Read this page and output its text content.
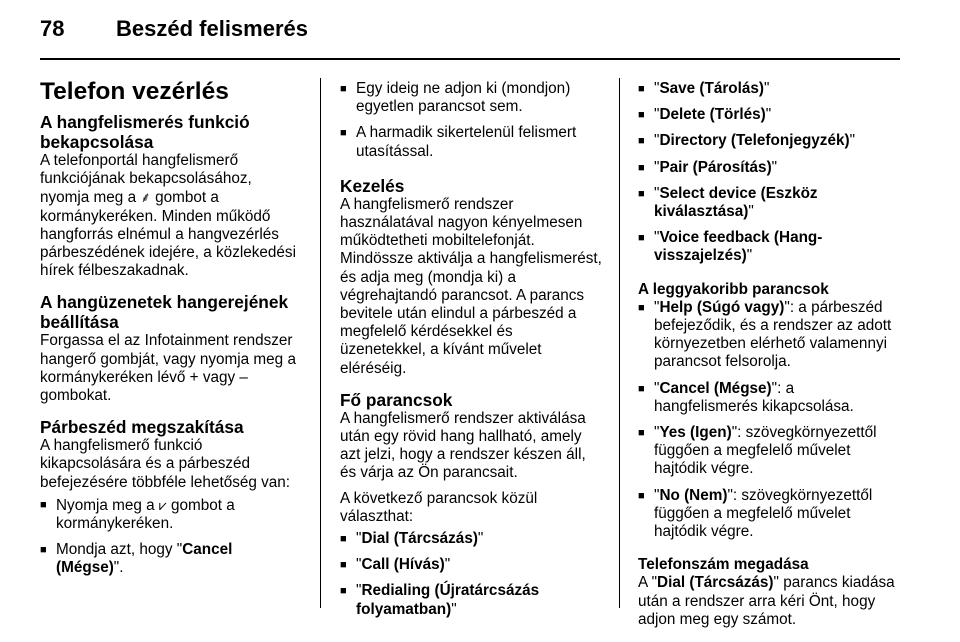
78 Beszéd felismerés
Telefon vezérlés
A hangfelismerés funkció bekapcsolása

A telefonportál hangfelismerő funkciójának bekapcsolásához, nyomja meg a ⸙ gombot a kormánykeréken. Minden működő hangforrás elnémul a hangvezérlés párbeszédének idejére, a közlekedési hírek félbeszakadnak.

A hangüzenetek hangerejének beállítása

Forgassa el az Infotainment rendszer hangerő gombját, vagy nyomja meg a kormánykeréken lévő + vagy – gombokat.

Párbeszéd megszakítása

A hangfelismerő funkció kikapcsolására és a párbeszéd befejezésére többféle lehetőség van:

■ Nyomja meg a ⩗ gombot a kormánykeréken.
■ Mondja azt, hogy "Cancel (Mégse)".
■ Egy ideig ne adjon ki (mondjon) egyetlen parancsot sem.
■ A harmadik sikertelenül felismert utasítással.
Kezelés

A hangfelismerő rendszer használatával nagyon kényelmesen működtetheti mobiltelefonját. Mindössze aktiválja a hangfelismerést, és adja meg (mondja ki) a végrehajtandó parancsot. A parancs bevitele után elindul a párbeszéd a megfelelő kérdésekkel és üzenetekkel, a kívánt művelet eléréséig.

Fő parancsok

A hangfelismerő rendszer aktiválása után egy rövid hang hallható, amely azt jelzi, hogy a rendszer készen áll, és várja az Ön parancsait.

A következő parancsok közül választhat:

■ "Dial (Tárcsázás)"
■ "Call (Hívás)"
■ "Redialing (Újratárcsázás folyamatban)"
■ "Save (Tárolás)"
■ "Delete (Törlés)"
■ "Directory (Telefonjegyzék)"
■ "Pair (Párosítás)"
■ "Select device (Eszköz kiválasztása)"
■ "Voice feedback (Hang-visszajelzés)"

A leggyakoribb parancsok

■ "Help (Súgó vagy)": a párbeszéd befejeződik, és a rendszer az adott környezetben elérhető valamennyi parancsot felsorolja.
■ "Cancel (Mégse)": a hangfelismerés kikapcsolása.
■ "Yes (Igen)": szövegkörnyezettől függően a megfelelő művelet hajtódik végre.
■ "No (Nem)": szövegkörnyezettől függően a megfelelő művelet hajtódik végre.

Telefonszám megadása

A "Dial (Tárcsázás)" parancs kiadása után a rendszer arra kéri Önt, hogy adjon meg egy számot.
